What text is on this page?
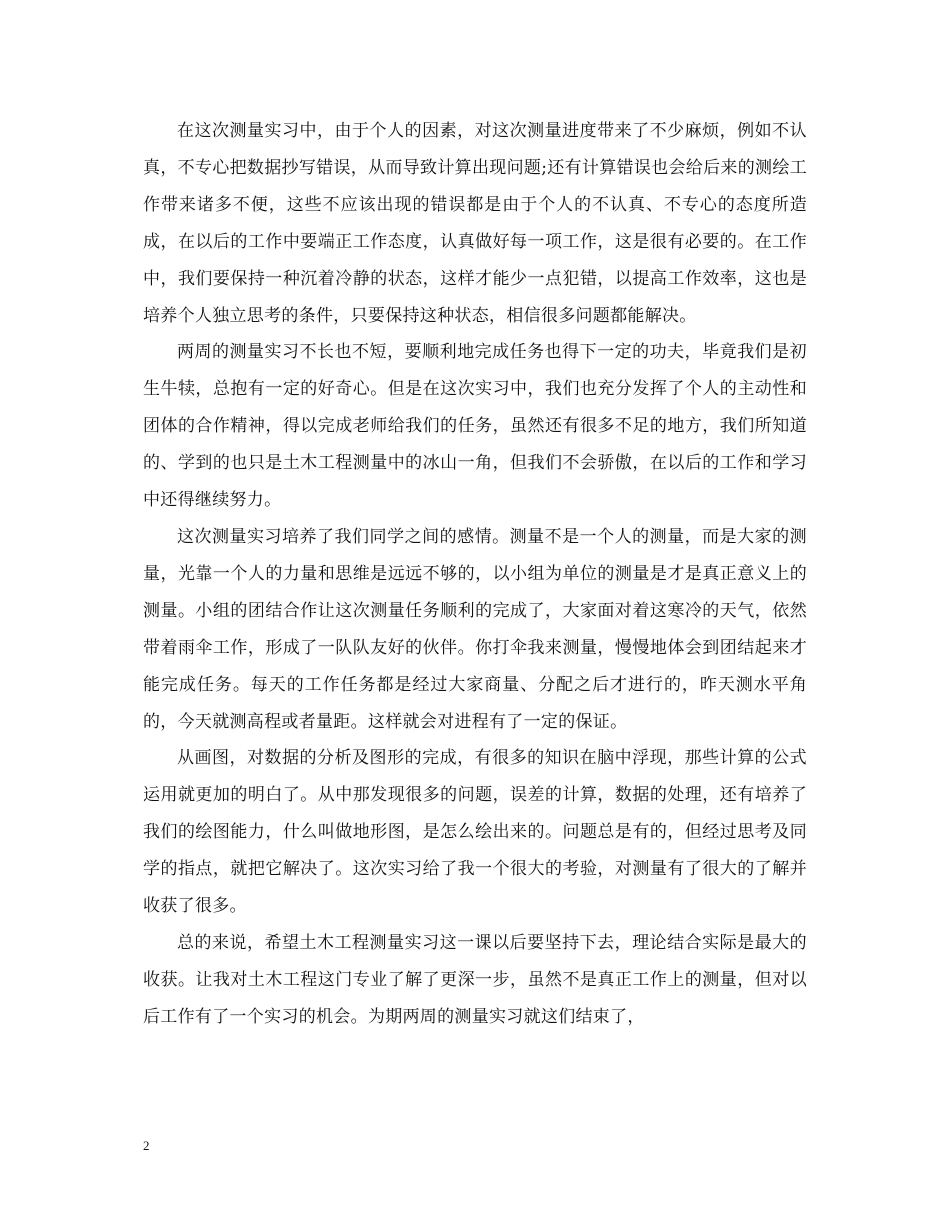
在这次测量实习中，由于个人的因素，对这次测量进度带来了不少麻烦，例如不认真，不专心把数据抄写错误，从而导致计算出现问题;还有计算错误也会给后来的测绘工作带来诸多不便，这些不应该出现的错误都是由于个人的不认真、不专心的态度所造成，在以后的工作中要端正工作态度，认真做好每一项工作，这是很有必要的。在工作中，我们要保持一种沉着冷静的状态，这样才能少一点犯错，以提高工作效率，这也是培养个人独立思考的条件，只要保持这种状态，相信很多问题都能解决。

两周的测量实习不长也不短，要顺利地完成任务也得下一定的功夫，毕竟我们是初生牛犊，总抱有一定的好奇心。但是在这次实习中，我们也充分发挥了个人的主动性和团体的合作精神，得以完成老师给我们的任务，虽然还有很多不足的地方，我们所知道的、学到的也只是土木工程测量中的冰山一角，但我们不会骄傲，在以后的工作和学习中还得继续努力。

这次测量实习培养了我们同学之间的感情。测量不是一个人的测量，而是大家的测量，光靠一个人的力量和思维是远远不够的，以小组为单位的测量是才是真正意义上的测量。小组的团结合作让这次测量任务顺利的完成了，大家面对着这寒冷的天气，依然带着雨伞工作，形成了一队队友好的伙伴。你打伞我来测量，慢慢地体会到团结起来才能完成任务。每天的工作任务都是经过大家商量、分配之后才进行的，昨天测水平角的，今天就测高程或者量距。这样就会对进程有了一定的保证。

从画图，对数据的分析及图形的完成，有很多的知识在脑中浮现，那些计算的公式运用就更加的明白了。从中那发现很多的问题，误差的计算，数据的处理，还有培养了我们的绘图能力，什么叫做地形图，是怎么绘出来的。问题总是有的，但经过思考及同学的指点，就把它解决了。这次实习给了我一个很大的考验，对测量有了很大的了解并收获了很多。

总的来说，希望土木工程测量实习这一课以后要坚持下去，理论结合实际是最大的收获。让我对土木工程这门专业了解了更深一步，虽然不是真正工作上的测量，但对以后工作有了一个实习的机会。为期两周的测量实习就这们结束了，

2
